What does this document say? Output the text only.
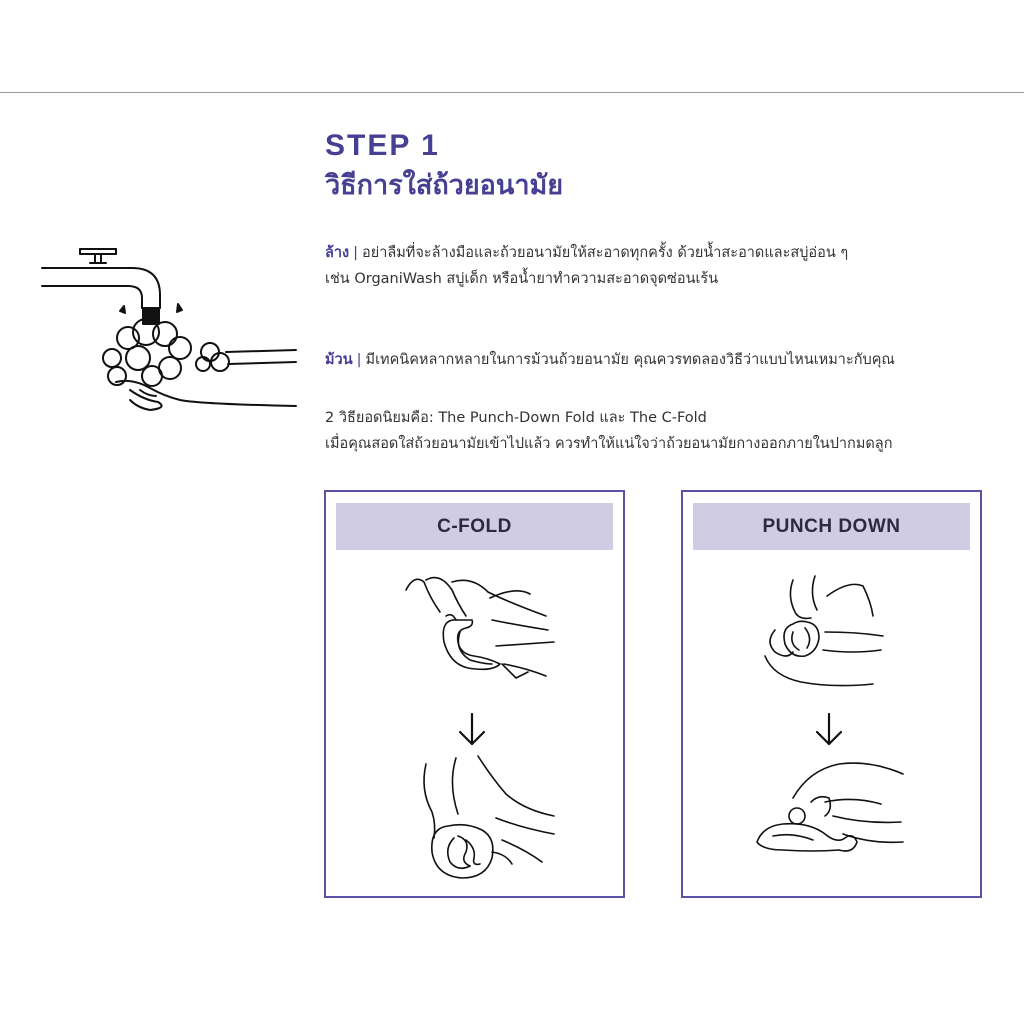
STEP 1
วิธีการใส่ถ้วยอนามัย

ล้าง | อย่าลืมที่จะล้างมือและถ้วยอนามัยให้สะอาดทุกครั้ง ด้วยน้ำสะอาดและสบู่อ่อน ๆ
เช่น OrganiWash สบู่เด็ก หรือน้ำยาทำความสะอาดจุดซ่อนเร้น

ม้วน | มีเทคนิคหลากหลายในการม้วนถ้วยอนามัย คุณควรทดลองวิธีว่าแบบไหนเหมาะกับคุณ

2 วิธียอดนิยมคือ: The Punch-Down Fold และ The C-Fold
เมื่อคุณสอดใส่ถ้วยอนามัยเข้าไปแล้ว ควรทำให้แน่ใจว่าถ้วยอนามัยกางออกภายในปากมดลูก

C-FOLD	PUNCH DOWN
